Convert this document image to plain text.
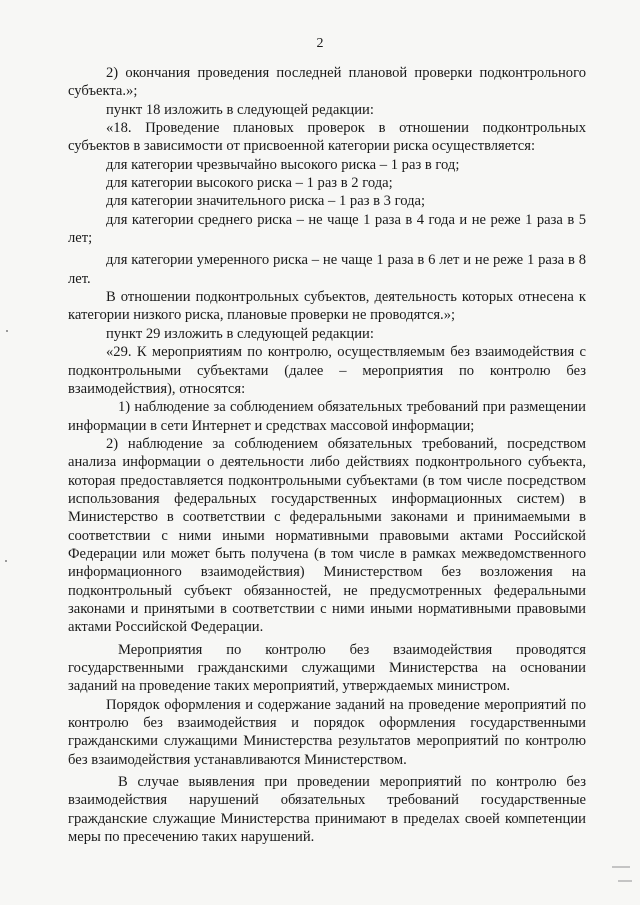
2

2) окончания проведения последней плановой проверки подконтрольного субъекта.»;

пункт 18 изложить в следующей редакции:

«18. Проведение плановых проверок в отношении подконтрольных субъектов в зависимости от присвоенной категории риска осуществляется:

для категории чрезвычайно высокого риска – 1 раз в год;

для категории высокого риска – 1 раз в 2 года;

для категории значительного риска – 1 раз в 3 года;

для категории среднего риска – не чаще 1 раза в 4 года и не реже 1 раза в 5 лет;

для категории умеренного риска – не чаще 1 раза в 6 лет и не реже 1 раза в 8 лет.

В отношении подконтрольных субъектов, деятельность которых отнесена к категории низкого риска, плановые проверки не проводятся.»;

пункт 29 изложить в следующей редакции:

«29. К мероприятиям по контролю, осуществляемым без взаимодействия с подконтрольными субъектами (далее – мероприятия по контролю без взаимодействия), относятся:

1) наблюдение за соблюдением обязательных требований при размещении информации в сети Интернет и средствах массовой информации;

2) наблюдение за соблюдением обязательных требований, посредством анализа информации о деятельности либо действиях подконтрольного субъекта, которая предоставляется подконтрольными субъектами (в том числе посредством использования федеральных государственных информационных систем) в Министерство в соответствии с федеральными законами и принимаемыми в соответствии с ними иными нормативными правовыми актами Российской Федерации или может быть получена (в том числе в рамках межведомственного информационного взаимодействия) Министерством без возложения на подконтрольный субъект обязанностей, не предусмотренных федеральными законами и принятыми в соответствии с ними иными нормативными правовыми актами Российской Федерации.

Мероприятия по контролю без взаимодействия проводятся государственными гражданскими служащими Министерства на основании заданий на проведение таких мероприятий, утверждаемых министром.

Порядок оформления и содержание заданий на проведение мероприятий по контролю без взаимодействия и порядок оформления государственными гражданскими служащими Министерства результатов мероприятий по контролю без взаимодействия устанавливаются Министерством.

В случае выявления при проведении мероприятий по контролю без взаимодействия нарушений обязательных требований государственные гражданские служащие Министерства принимают в пределах своей компетенции меры по пресечению таких нарушений.
